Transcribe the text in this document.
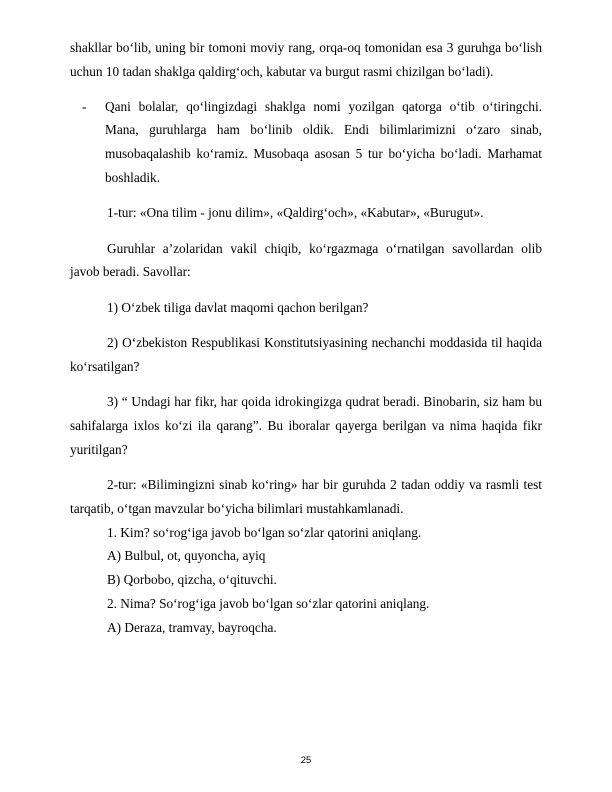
shakllar boʻlib, uning bir tomoni moviy rang, orqa-oq tomonidan esa 3 guruhga boʻlish uchun 10 tadan shaklga qaldirgʻoch, kabutar va burgut rasmi chizilgan boʻladi).

- Qani bolalar, qoʻlingizdagi shaklga nomi yozilgan qatorga oʻtib o‘tiringchi. Mana, guruhlarga ham boʻlinib oldik. Endi bilimlarimizni o‘zaro sinab, musobaqalashib koʻramiz. Musobaqa asosan 5 tur boʻyicha bo‘ladi. Marhamat boshladik.

1-tur: «Ona tilim - jonu dilim», «Qaldirgʻoch», «Kabutar», «Burugut».

Guruhlar aʼzolaridan vakil chiqib, koʻrgazmaga oʻrnatilgan savollardan olib javob beradi. Savollar:

1) Oʻzbek tiliga davlat maqomi qachon berilgan?

2) Oʻzbekiston Respublikasi Konstitutsiyasining nechanchi moddasida til haqida koʻrsatilgan?

3) “ Undagi har fikr, har qoida idrokingizga qudrat beradi. Binobarin, siz ham bu sahifalarga ixlos koʻzi ila qarang”. Bu iboralar qayerga berilgan va nima haqida fikr yuritilgan?

2-tur: «Bilimingizni sinab koʻring» har bir guruhda 2 tadan oddiy va rasmli test tarqatib, oʻtgan mavzular boʻyicha bilimlari mustahkamlanadi.

1. Kim? soʻrogʻiga javob boʻlgan soʻzlar qatorini aniqlang.

A) Bulbul, ot, quyoncha, ayiq

B) Qorbobo, qizcha, oʻqituvchi.

2. Nima? Soʻrog‘iga javob boʻlgan soʻzlar qatorini aniqlang.

A) Deraza, tramvay, bayroqcha.

25
